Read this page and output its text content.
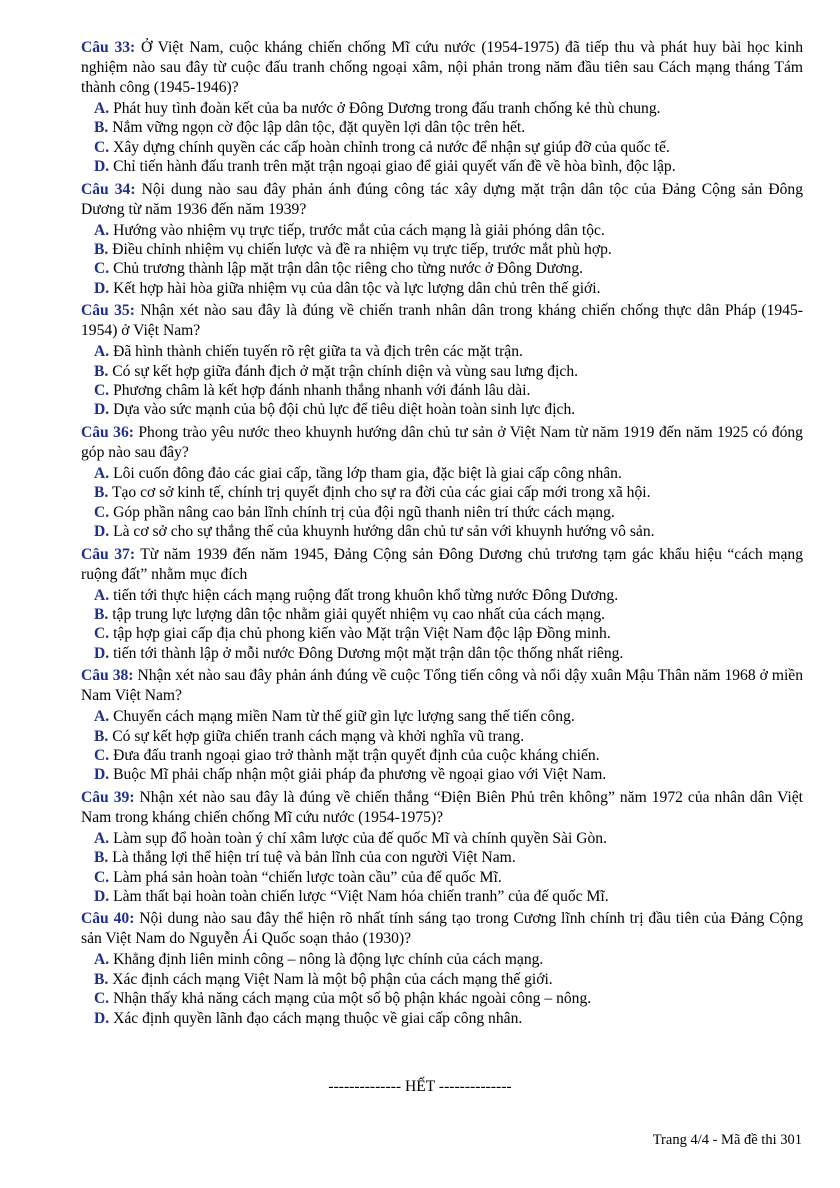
Câu 33: Ở Việt Nam, cuộc kháng chiến chống Mĩ cứu nước (1954-1975) đã tiếp thu và phát huy bài học kinh nghiệm nào sau đây từ cuộc đấu tranh chống ngoại xâm, nội phản trong năm đầu tiên sau Cách mạng tháng Tám thành công (1945-1946)?

A. Phát huy tình đoàn kết của ba nước ở Đông Dương trong đấu tranh chống kẻ thù chung.
B. Nắm vững ngọn cờ độc lập dân tộc, đặt quyền lợi dân tộc trên hết.
C. Xây dựng chính quyền các cấp hoàn chỉnh trong cả nước để nhận sự giúp đỡ của quốc tế.
D. Chỉ tiến hành đấu tranh trên mặt trận ngoại giao để giải quyết vấn đề về hòa bình, độc lập.

Câu 34: Nội dung nào sau đây phản ánh đúng công tác xây dựng mặt trận dân tộc của Đảng Cộng sản Đông Dương từ năm 1936 đến năm 1939?

A. Hướng vào nhiệm vụ trực tiếp, trước mắt của cách mạng là giải phóng dân tộc.
B. Điều chỉnh nhiệm vụ chiến lược và đề ra nhiệm vụ trực tiếp, trước mắt phù hợp.
C. Chủ trương thành lập mặt trận dân tộc riêng cho từng nước ở Đông Dương.
D. Kết hợp hài hòa giữa nhiệm vụ của dân tộc và lực lượng dân chủ trên thế giới.

Câu 35: Nhận xét nào sau đây là đúng về chiến tranh nhân dân trong kháng chiến chống thực dân Pháp (1945-1954) ở Việt Nam?

A. Đã hình thành chiến tuyến rõ rệt giữa ta và địch trên các mặt trận.
B. Có sự kết hợp giữa đánh địch ở mặt trận chính diện và vùng sau lưng địch.
C. Phương châm là kết hợp đánh nhanh thắng nhanh với đánh lâu dài.
D. Dựa vào sức mạnh của bộ đội chủ lực để tiêu diệt hoàn toàn sinh lực địch.

Câu 36: Phong trào yêu nước theo khuynh hướng dân chủ tư sản ở Việt Nam từ năm 1919 đến năm 1925 có đóng góp nào sau đây?

A. Lôi cuốn đông đảo các giai cấp, tầng lớp tham gia, đặc biệt là giai cấp công nhân.
B. Tạo cơ sở kinh tế, chính trị quyết định cho sự ra đời của các giai cấp mới trong xã hội.
C. Góp phần nâng cao bản lĩnh chính trị của đội ngũ thanh niên trí thức cách mạng.
D. Là cơ sở cho sự thắng thế của khuynh hướng dân chủ tư sản với khuynh hướng vô sản.

Câu 37: Từ năm 1939 đến năm 1945, Đảng Cộng sản Đông Dương chủ trương tạm gác khẩu hiệu “cách mạng ruộng đất” nhằm mục đích

A. tiến tới thực hiện cách mạng ruộng đất trong khuôn khổ từng nước Đông Dương.
B. tập trung lực lượng dân tộc nhằm giải quyết nhiệm vụ cao nhất của cách mạng.
C. tập hợp giai cấp địa chủ phong kiến vào Mặt trận Việt Nam độc lập Đồng minh.
D. tiến tới thành lập ở mỗi nước Đông Dương một mặt trận dân tộc thống nhất riêng.

Câu 38: Nhận xét nào sau đây phản ánh đúng về cuộc Tổng tiến công và nổi dậy xuân Mậu Thân năm 1968 ở miền Nam Việt Nam?

A. Chuyển cách mạng miền Nam từ thế giữ gìn lực lượng sang thế tiến công.
B. Có sự kết hợp giữa chiến tranh cách mạng và khởi nghĩa vũ trang.
C. Đưa đấu tranh ngoại giao trở thành mặt trận quyết định của cuộc kháng chiến.
D. Buộc Mĩ phải chấp nhận một giải pháp đa phương về ngoại giao với Việt Nam.

Câu 39: Nhận xét nào sau đây là đúng về chiến thắng “Điện Biên Phủ trên không” năm 1972 của nhân dân Việt Nam trong kháng chiến chống Mĩ cứu nước (1954-1975)?

A. Làm sụp đổ hoàn toàn ý chí xâm lược của đế quốc Mĩ và chính quyền Sài Gòn.
B. Là thắng lợi thể hiện trí tuệ và bản lĩnh của con người Việt Nam.
C. Làm phá sản hoàn toàn “chiến lược toàn cầu” của đế quốc Mĩ.
D. Làm thất bại hoàn toàn chiến lược “Việt Nam hóa chiến tranh” của đế quốc Mĩ.

Câu 40: Nội dung nào sau đây thể hiện rõ nhất tính sáng tạo trong Cương lĩnh chính trị đầu tiên của Đảng Cộng sản Việt Nam do Nguyễn Ái Quốc soạn thảo (1930)?

A. Khẳng định liên minh công – nông là động lực chính của cách mạng.
B. Xác định cách mạng Việt Nam là một bộ phận của cách mạng thế giới.
C. Nhận thấy khả năng cách mạng của một số bộ phận khác ngoài công – nông.
D. Xác định quyền lãnh đạo cách mạng thuộc về giai cấp công nhân.
-------------- HẾT --------------
Trang 4/4 - Mã đề thi 301
